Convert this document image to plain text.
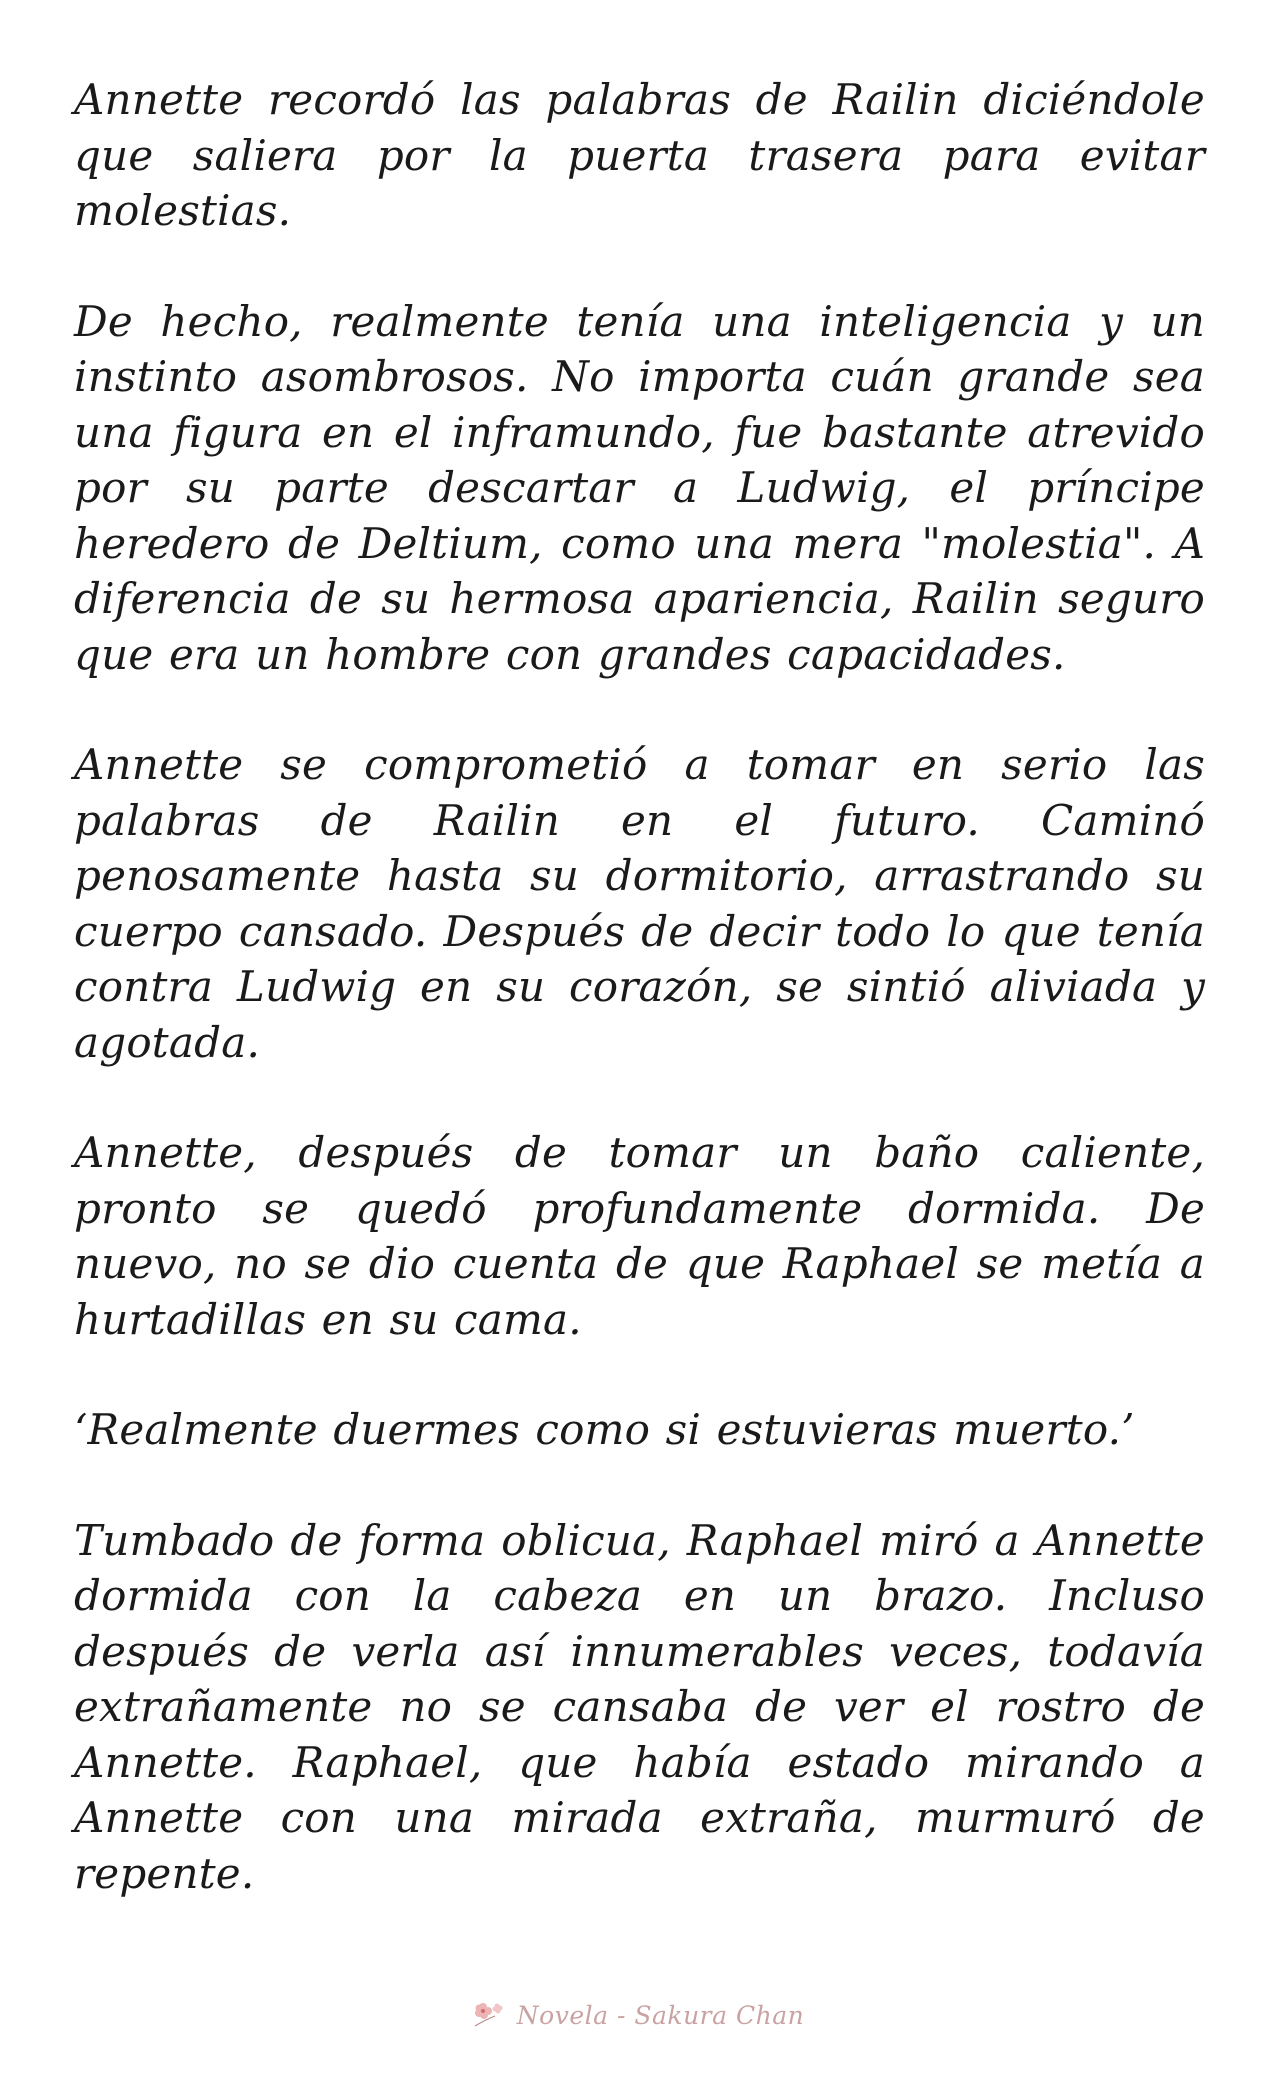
Annette recordó las palabras de Railin diciéndole que saliera por la puerta trasera para evitar molestias.

De hecho, realmente tenía una inteligencia y un instinto asombrosos. No importa cuán grande sea una figura en el inframundo, fue bastante atrevido por su parte descartar a Ludwig, el príncipe heredero de Deltium, como una mera "molestia". A diferencia de su hermosa apariencia, Railin seguro que era un hombre con grandes capacidades.

Annette se comprometió a tomar en serio las palabras de Railin en el futuro. Caminó penosamente hasta su dormitorio, arrastrando su cuerpo cansado. Después de decir todo lo que tenía contra Ludwig en su corazón, se sintió aliviada y agotada.

Annette, después de tomar un baño caliente, pronto se quedó profundamente dormida. De nuevo, no se dio cuenta de que Raphael se metía a hurtadillas en su cama.

‘Realmente duermes como si estuvieras muerto.’

Tumbado de forma oblicua, Raphael miró a Annette dormida con la cabeza en un brazo. Incluso después de verla así innumerables veces, todavía extrañamente no se cansaba de ver el rostro de Annette. Raphael, que había estado mirando a Annette con una mirada extraña, murmuró de repente.

Novela - Sakura Chan
